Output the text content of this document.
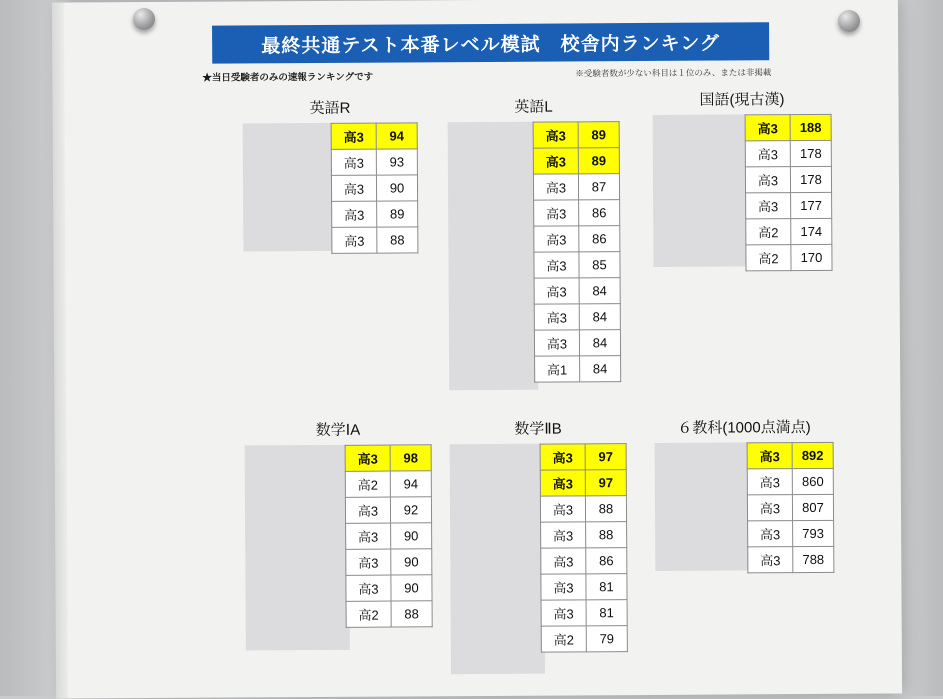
最終共通テスト本番レベル模試　校舎内ランキング
★当日受験者のみの速報ランキングです	※受験者数が少ない科目は１位のみ、または非掲載
英語R
高3	94
高3	93
高3	90
高3	89
高3	88
英語L
高3	89
高3	89
高3	87
高3	86
高3	86
高3	85
高3	84
高3	84
高3	84
高1	84
国語(現古漢)
高3	188
高3	178
高3	178
高3	177
高2	174
高2	170
数学ⅠA
高3	98
高2	94
高3	92
高3	90
高3	90
高3	90
高2	88
数学ⅡB
高3	97
高3	97
高3	88
高3	88
高3	86
高3	81
高3	81
高2	79
６教科(1000点満点)
高3	892
高3	860
高3	807
高3	793
高3	788
